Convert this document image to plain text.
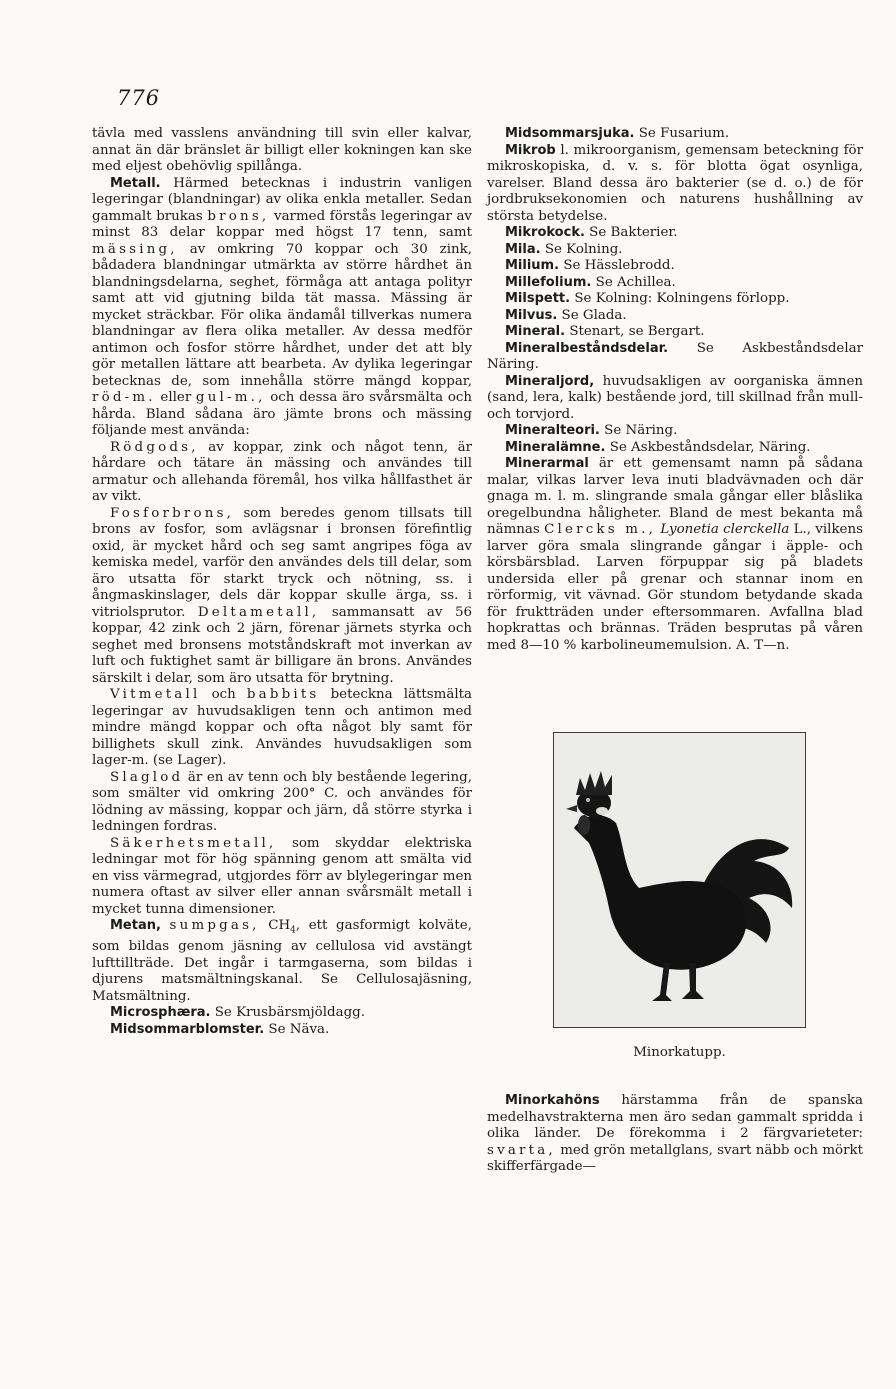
776

tävla med vasslens användning till svin eller kalvar, annat än där bränslet är billigt eller kokningen kan ske med eljest obehövlig spillånga.

Metall. Härmed betecknas i industrin vanligen legeringar (blandningar) av olika enkla metaller. Sedan gammalt brukas brons, varmed förstås legeringar av minst 83 delar koppar med högst 17 tenn, samt mässing, av omkring 70 koppar och 30 zink, bådadera blandningar utmärkta av större hårdhet än blandningsdelarna, seghet, förmåga att antaga polityr samt att vid gjutning bilda tät massa. Mässing är mycket sträckbar. För olika ändamål tillverkas numera blandningar av flera olika metaller. Av dessa medför antimon och fosfor större hårdhet, under det att bly gör metallen lättare att bearbeta. Av dylika legeringar betecknas de, som innehålla större mängd koppar, röd-m. eller gul-m., och dessa äro svårsmälta och hårda. Bland sådana äro jämte brons och mässing följande mest använda:

Rödgods, av koppar, zink och något tenn, är hårdare och tätare än mässing och användes till armatur och allehanda föremål, hos vilka hållfasthet är av vikt.

Fosforbrons, som beredes genom tillsats till brons av fosfor, som avlägsnar i bronsen förefintlig oxid, är mycket hård och seg samt angripes föga av kemiska medel, varför den användes dels till delar, som äro utsatta för starkt tryck och nötning, ss. i ångmaskinslager, dels där koppar skulle ärga, ss. i vitriolsprutor. Deltametall, sammansatt av 56 koppar, 42 zink och 2 järn, förenar järnets styrka och seghet med bronsens motståndskraft mot inverkan av luft och fuktighet samt är billigare än brons. Användes särskilt i delar, som äro utsatta för brytning.

Vitmetall och babbits beteckna lättsmälta legeringar av huvudsakligen tenn och antimon med mindre mängd koppar och ofta något bly samt för billighets skull zink. Användes huvudsakligen som lager-m. (se Lager).

Slaglod är en av tenn och bly bestående legering, som smälter vid omkring 200° C. och användes för lödning av mässing, koppar och järn, då större styrka i ledningen fordras.

Säkerhetsmetall, som skyddar elektriska ledningar mot för hög spänning genom att smälta vid en viss värmegrad, utgjordes förr av blylegeringar men numera oftast av silver eller annan svårsmält metall i mycket tunna dimensioner.

Metan, sumpgas, $CH_4$, ett gasformigt kolväte, som bildas genom jäsning av cellulosa vid avstängt lufttillträde. Det ingår i tarmgaserna, som bildas i djurens matsmältningskanal. Se Cellulosajäsning, Matsmältning.

Microsphæra. Se Krusbärsmjöldagg.

Midsommarblomster. Se Näva.

Midsommarsjuka. Se Fusarium.

Mikrob l. mikroorganism, gemensam beteckning för mikroskopiska, d. v. s. för blotta ögat osynliga, varelser. Bland dessa äro bakterier (se d. o.) de för jordbruksekonomien och naturens hushållning av största betydelse.

Mikrokock. Se Bakterier.

Mila. Se Kolning.

Milium. Se Hässlebrodd.

Millefolium. Se Achillea.

Milspett. Se Kolning: Kolningens förlopp.

Milvus. Se Glada.

Mineral. Stenart, se Bergart.

Mineralbeståndsdelar. Se Askbeståndsdelar Näring.

Mineraljord, huvudsakligen av oorganiska ämnen (sand, lera, kalk) bestående jord, till skillnad från mull- och torvjord.

Mineralteori. Se Näring.

Mineralämne. Se Askbeståndsdelar, Näring.

Minerarmal är ett gemensamt namn på sådana malar, vilkas larver leva inuti bladvävnaden och där gnaga m. l. m. slingrande smala gångar eller blåslika oregelbundna håligheter. Bland de mest bekanta må nämnas Clercks m., Lyonetia clerckella L., vilkens larver göra smala slingrande gångar i äpple- och körsbärsblad. Larven förpuppar sig på bladets undersida eller på grenar och stannar inom en rörformig, vit vävnad. Gör stundom betydande skada för fruktträden under eftersommaren. Avfallna blad hopkrattas och brännas. Träden besprutas på våren med 8—10 % karbolineumemulsion. A. T—n.

Minorkatupp.

Minorkahöns härstamma från de spanska medelhavstrakterna men äro sedan gammalt spridda i olika länder. De förekomma i 2 färgvarieteter: svarta, med grön metallglans, svart näbb och mörkt skifferfärgade—
